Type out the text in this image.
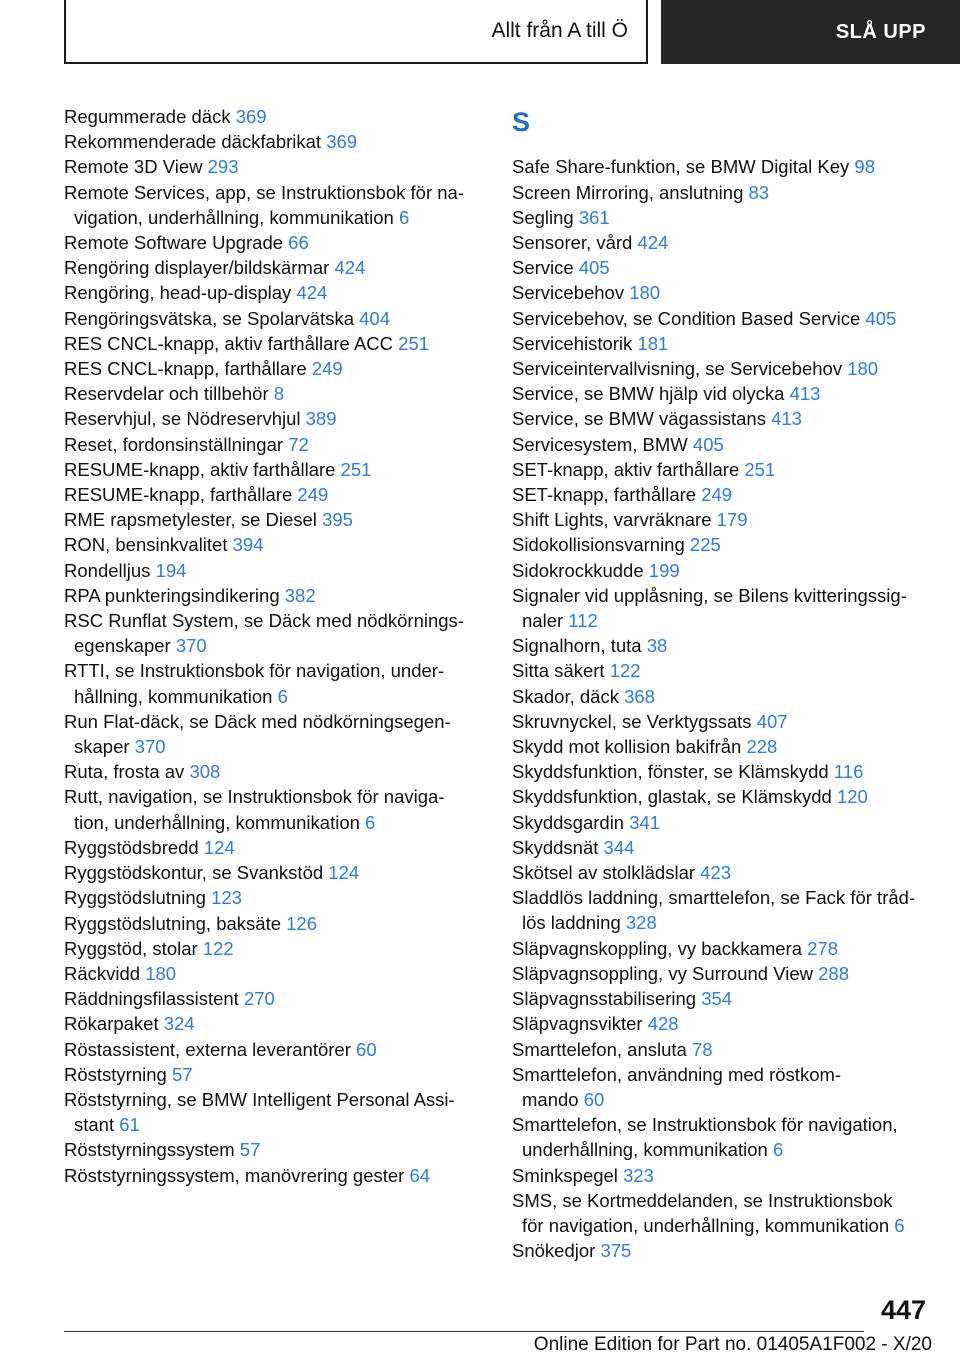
Allt från A till Ö	SLÅ UPP
Regummerade däck 369
Rekommenderade däckfabrikat 369
Remote 3D View 293
Remote Services, app, se Instruktionsbok för na-
vigation, underhållning, kommunikation 6
Remote Software Upgrade 66
Rengöring displayer/bildskärmar 424
Rengöring, head-up-display 424
Rengöringsvätska, se Spolarvätska 404
RES CNCL-knapp, aktiv farthållare ACC 251
RES CNCL-knapp, farthållare 249
Reservdelar och tillbehör 8
Reservhjul, se Nödreservhjul 389
Reset, fordonsinställningar 72
RESUME-knapp, aktiv farthållare 251
RESUME-knapp, farthållare 249
RME rapsmetylester, se Diesel 395
RON, bensinkvalitet 394
Rondelljus 194
RPA punkteringsindikering 382
RSC Runflat System, se Däck med nödkörnings-
egenskaper 370
RTTI, se Instruktionsbok för navigation, under-
hållning, kommunikation 6
Run Flat-däck, se Däck med nödkörningsegen-
skaper 370
Ruta, frosta av 308
Rutt, navigation, se Instruktionsbok för naviga-
tion, underhållning, kommunikation 6
Ryggstödsbredd 124
Ryggstödskontur, se Svankstöd 124
Ryggstödslutning 123
Ryggstödslutning, baksäte 126
Ryggstöd, stolar 122
Räckvidd 180
Räddningsfilassistent 270
Rökarpaket 324
Röstassistent, externa leverantörer 60
Röststyrning 57
Röststyrning, se BMW Intelligent Personal Assi-
stant 61
Röststyrningssystem 57
Röststyrningssystem, manövrering gester 64
S
Safe Share-funktion, se BMW Digital Key 98
Screen Mirroring, anslutning 83
Segling 361
Sensorer, vård 424
Service 405
Servicebehov 180
Servicebehov, se Condition Based Service 405
Servicehistorik 181
Serviceintervallvisning, se Servicebehov 180
Service, se BMW hjälp vid olycka 413
Service, se BMW vägassistans 413
Servicesystem, BMW 405
SET-knapp, aktiv farthållare 251
SET-knapp, farthållare 249
Shift Lights, varvräknare 179
Sidokollisionsvarning 225
Sidokrockkudde 199
Signaler vid upplåsning, se Bilens kvitteringssig-
naler 112
Signalhorn, tuta 38
Sitta säkert 122
Skador, däck 368
Skruvnyckel, se Verktygssats 407
Skydd mot kollision bakifrån 228
Skyddsfunktion, fönster, se Klämskydd 116
Skyddsfunktion, glastak, se Klämskydd 120
Skyddsgardin 341
Skyddsnät 344
Skötsel av stolklädslar 423
Sladdlös laddning, smarttelefon, se Fack för tråd-
lös laddning 328
Släpvagnskoppling, vy backkamera 278
Släpvagnsoppling, vy Surround View 288
Släpvagnsstabilisering 354
Släpvagnsvikter 428
Smarttelefon, ansluta 78
Smarttelefon, användning med röstkom-
mando 60
Smarttelefon, se Instruktionsbok för navigation,
underhållning, kommunikation 6
Sminkspegel 323
SMS, se Kortmeddelanden, se Instruktionsbok
för navigation, underhållning, kommunikation 6
Snökedjor 375
447
Online Edition for Part no. 01405A1F002 - X/20
